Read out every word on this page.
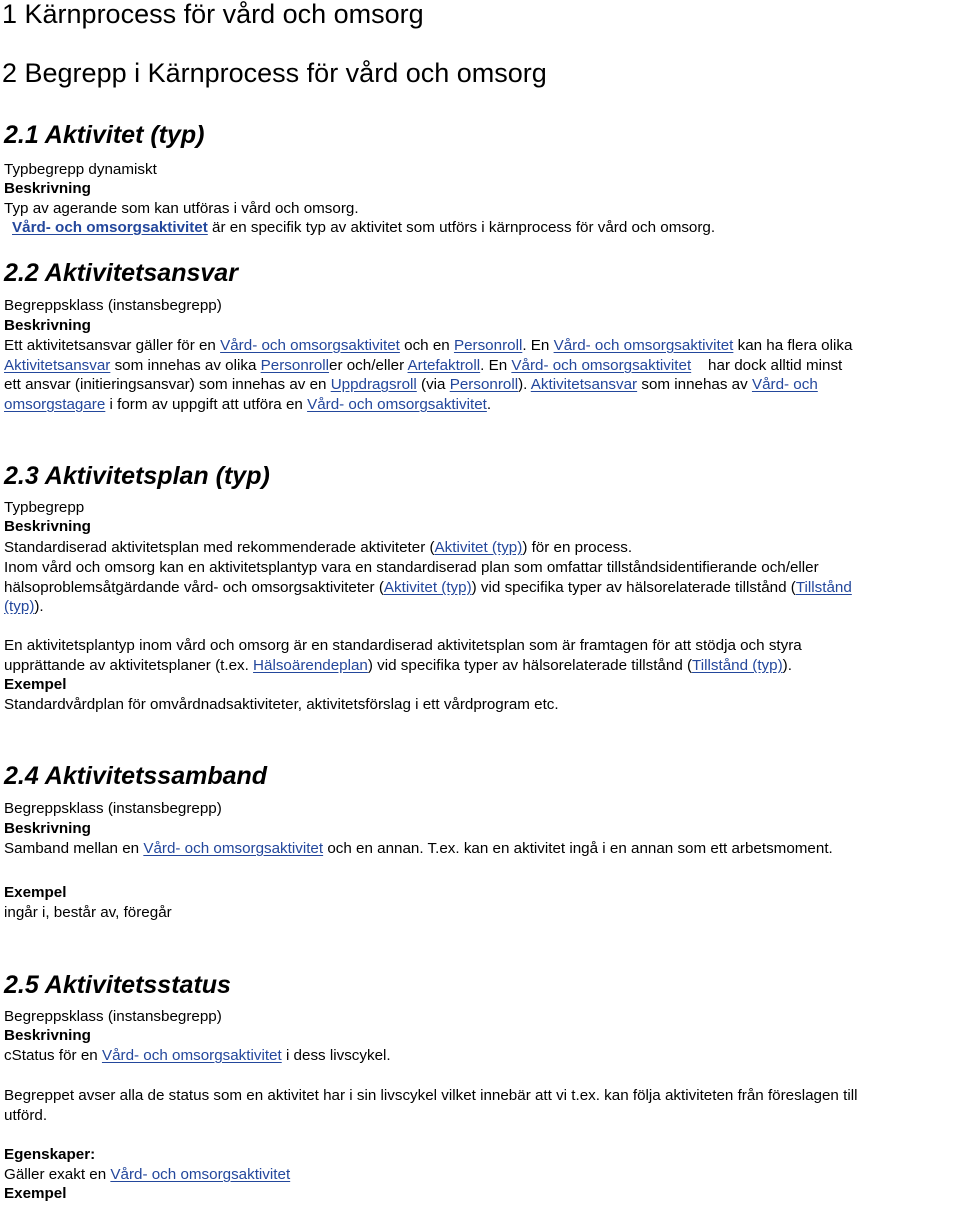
1 Kärnprocess för vård och omsorg
2 Begrepp i Kärnprocess för vård och omsorg
2.1 Aktivitet (typ)
Typbegrepp dynamiskt
Beskrivning
Typ av agerande som kan utföras i vård och omsorg.
Vård- och omsorgsaktivitet är en specifik typ av aktivitet som utförs i kärnprocess för vård och omsorg.
2.2 Aktivitetsansvar
Begreppsklass (instansbegrepp)
Beskrivning
Ett aktivitetsansvar gäller för en Vård- och omsorgsaktivitet och en Personroll. En Vård- och omsorgsaktivitet kan ha flera olika
Aktivitetsansvar som innehas av olika Personroller och/eller Artefaktroll. En Vård- och omsorgsaktivitet    har dock alltid minst
ett ansvar (initieringsansvar) som innehas av en Uppdragsroll (via Personroll). Aktivitetsansvar som innehas av Vård- och
omsorgstagare i form av uppgift att utföra en Vård- och omsorgsaktivitet.
2.3 Aktivitetsplan (typ)
Typbegrepp
Beskrivning
Standardiserad aktivitetsplan med rekommenderade aktiviteter (Aktivitet (typ)) för en process.
Inom vård och omsorg kan en aktivitetsplantyp vara en standardiserad plan som omfattar tillståndsidentifierande och/eller
hälsoproblemsåtgärdande vård- och omsorgsaktiviteter (Aktivitet (typ)) vid specifika typer av hälsorelaterade tillstånd (Tillstånd
(typ)).
En aktivitetsplantyp inom vård och omsorg är en standardiserad aktivitetsplan som är framtagen för att stödja och styra
upprättande av aktivitetsplaner (t.ex. Hälsoärendeplan) vid specifika typer av hälsorelaterade tillstånd (Tillstånd (typ)).
Exempel
Standardvårdplan för omvårdnadsaktiviteter, aktivitetsförslag i ett vårdprogram etc.
2.4 Aktivitetssamband
Begreppsklass (instansbegrepp)
Beskrivning
Samband mellan en Vård- och omsorgsaktivitet och en annan. T.ex. kan en aktivitet ingå i en annan som ett arbetsmoment.
Exempel
ingår i, består av, föregår
2.5 Aktivitetsstatus
Begreppsklass (instansbegrepp)
Beskrivning
cStatus för en Vård- och omsorgsaktivitet i dess livscykel.
Begreppet avser alla de status som en aktivitet har i sin livscykel vilket innebär att vi t.ex. kan följa aktiviteten från föreslagen till
utförd.
Egenskaper:
Gäller exakt en Vård- och omsorgsaktivitet
Exempel
